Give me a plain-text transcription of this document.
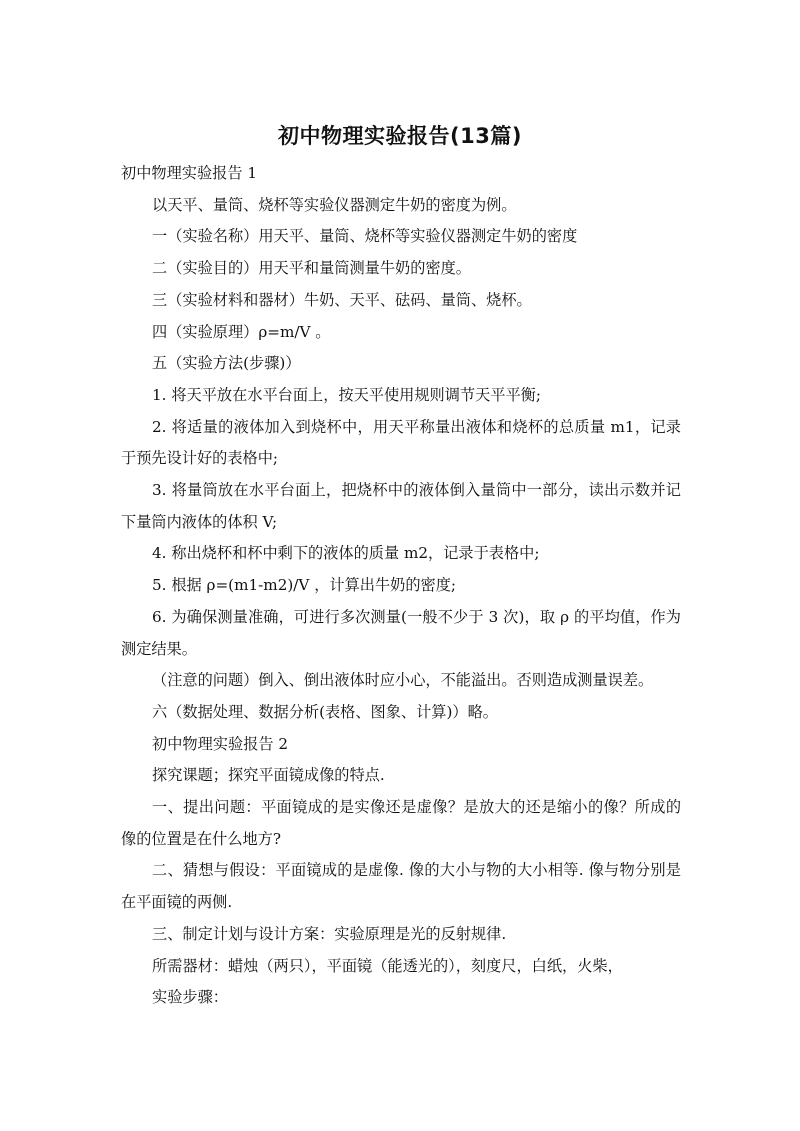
初中物理实验报告(13篇)

初中物理实验报告 1

以天平、量筒、烧杯等实验仪器测定牛奶的密度为例。

一（实验名称）用天平、量筒、烧杯等实验仪器测定牛奶的密度

二（实验目的）用天平和量筒测量牛奶的密度。

三（实验材料和器材）牛奶、天平、砝码、量筒、烧杯。

四（实验原理）ρ=m/V 。

五（实验方法(步骤)）

1. 将天平放在水平台面上，按天平使用规则调节天平平衡;

2. 将适量的液体加入到烧杯中，用天平称量出液体和烧杯的总质量 m1，记录于预先设计好的表格中;

3. 将量筒放在水平台面上，把烧杯中的液体倒入量筒中一部分，读出示数并记下量筒内液体的体积 V;

4. 称出烧杯和杯中剩下的液体的质量 m2，记录于表格中;

5. 根据 ρ=(m1-m2)/V ，计算出牛奶的密度;

6. 为确保测量准确，可进行多次测量(一般不少于 3 次)，取 ρ 的平均值，作为测定结果。

（注意的问题）倒入、倒出液体时应小心，不能溢出。否则造成测量误差。

六（数据处理、数据分析(表格、图象、计算)）略。

初中物理实验报告 2

探究课题；探究平面镜成像的特点.

一、提出问题：平面镜成的是实像还是虚像？是放大的还是缩小的像？所成的像的位置是在什么地方?

二、猜想与假设：平面镜成的是虚像. 像的大小与物的大小相等. 像与物分别是在平面镜的两侧.

三、制定计划与设计方案：实验原理是光的反射规律.

所需器材：蜡烛（两只），平面镜（能透光的），刻度尺，白纸，火柴，

实验步骤：
